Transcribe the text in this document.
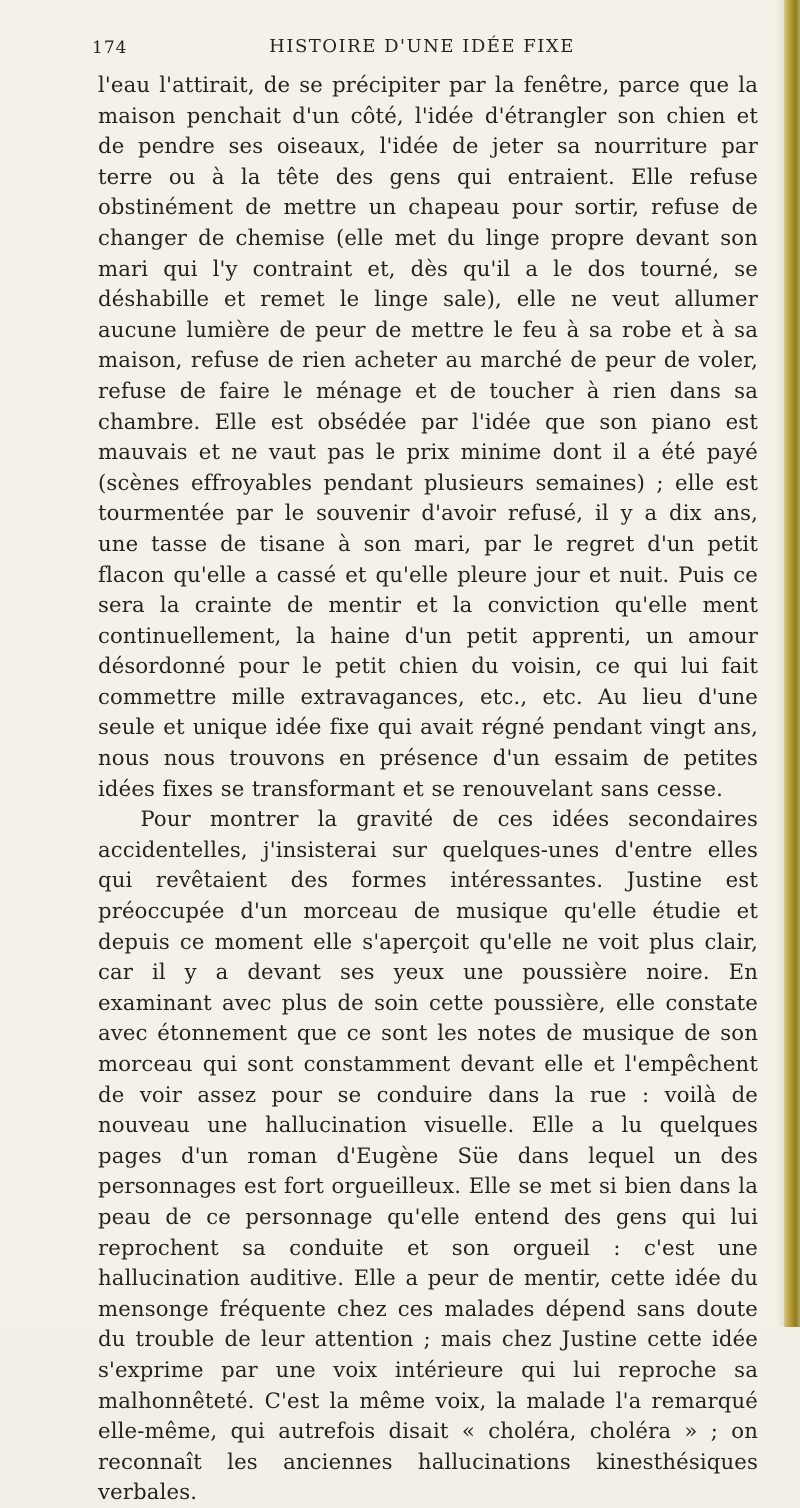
174	HISTOIRE D'UNE IDÉE FIXE

l'eau l'attirait, de se précipiter par la fenêtre, parce que la maison penchait d'un côté, l'idée d'étrangler son chien et de pendre ses oiseaux, l'idée de jeter sa nourriture par terre ou à la tête des gens qui entraient. Elle refuse obstinément de mettre un chapeau pour sortir, refuse de changer de chemise (elle met du linge propre devant son mari qui l'y contraint et, dès qu'il a le dos tourné, se déshabille et remet le linge sale), elle ne veut allumer aucune lumière de peur de mettre le feu à sa robe et à sa maison, refuse de rien acheter au marché de peur de voler, refuse de faire le ménage et de toucher à rien dans sa chambre. Elle est obsédée par l'idée que son piano est mauvais et ne vaut pas le prix minime dont il a été payé (scènes effroyables pendant plusieurs semaines) ; elle est tourmentée par le souvenir d'avoir refusé, il y a dix ans, une tasse de tisane à son mari, par le regret d'un petit flacon qu'elle a cassé et qu'elle pleure jour et nuit. Puis ce sera la crainte de mentir et la conviction qu'elle ment continuellement, la haine d'un petit apprenti, un amour désordonné pour le petit chien du voisin, ce qui lui fait commettre mille extravagances, etc., etc. Au lieu d'une seule et unique idée fixe qui avait régné pendant vingt ans, nous nous trouvons en présence d'un essaim de petites idées fixes se transformant et se renouvelant sans cesse.

Pour montrer la gravité de ces idées secondaires accidentelles, j'insisterai sur quelques-unes d'entre elles qui revêtaient des formes intéressantes. Justine est préoccupée d'un morceau de musique qu'elle étudie et depuis ce moment elle s'aperçoit qu'elle ne voit plus clair, car il y a devant ses yeux une poussière noire. En examinant avec plus de soin cette poussière, elle constate avec étonnement que ce sont les notes de musique de son morceau qui sont constamment devant elle et l'empêchent de voir assez pour se conduire dans la rue : voilà de nouveau une hallucination visuelle. Elle a lu quelques pages d'un roman d'Eugène Süe dans lequel un des personnages est fort orgueilleux. Elle se met si bien dans la peau de ce personnage qu'elle entend des gens qui lui reprochent sa conduite et son orgueil : c'est une hallucination auditive. Elle a peur de mentir, cette idée du mensonge fréquente chez ces malades dépend sans doute du trouble de leur attention ; mais chez Justine cette idée s'exprime par une voix intérieure qui lui reproche sa malhonnêteté. C'est la même voix, la malade l'a remarqué elle-même, qui autrefois disait « choléra, choléra » ; on reconnaît les anciennes hallucinations kinesthésiques verbales.
